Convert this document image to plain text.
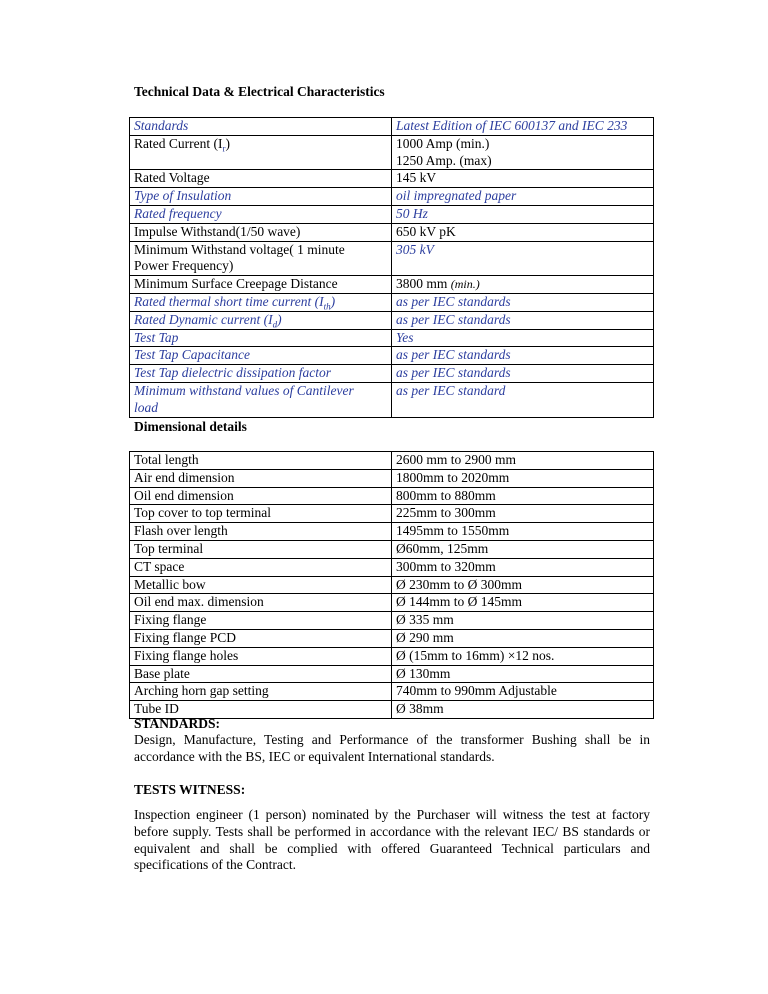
Technical Data & Electrical Characteristics
Standards	Latest Edition of IEC 600137 and IEC 233
Rated Current $(I_r)$	1000 Amp (min.)
1250 Amp. (max)
Rated Voltage	145 kV
Type of Insulation	oil impregnated paper
Rated frequency	50 Hz
Impulse Withstand(1/50 wave)	650 kV pK
Minimum Withstand voltage( 1 minute
Power Frequency)	305 kV
Minimum Surface Creepage Distance	3800 mm (min.)
Rated thermal short time current $(I_{th})$	as per IEC standards
Rated Dynamic current $(I_d)$	as per IEC standards
Test Tap	Yes
Test Tap Capacitance	as per IEC standards
Test Tap dielectric dissipation factor	as per IEC standards
Minimum withstand values of Cantilever
load	as per IEC standard
Dimensional details
Total length	2600 mm to 2900 mm
Air end dimension	1800mm to 2020mm
Oil end dimension	800mm to 880mm
Top cover to top terminal	225mm to 300mm
Flash over length	1495mm to 1550mm
Top terminal	Ø60mm, 125mm
CT space	300mm to 320mm
Metallic bow	Ø 230mm to Ø 300mm
Oil end max. dimension	Ø 144mm to Ø 145mm
Fixing flange	Ø 335 mm
Fixing flange PCD	Ø 290 mm
Fixing flange holes	Ø (15mm to 16mm) ×12 nos.
Base plate	Ø 130mm
Arching horn gap setting	740mm to 990mm Adjustable
Tube ID	Ø 38mm
STANDARDS:
Design, Manufacture, Testing and Performance of the transformer Bushing shall be in accordance with the BS, IEC or equivalent International standards.
TESTS WITNESS:
Inspection engineer (1 person) nominated by the Purchaser will witness the test at factory before supply. Tests shall be performed in accordance with the relevant IEC/ BS standards or equivalent and shall be complied with offered Guaranteed Technical particulars and specifications of the Contract.
